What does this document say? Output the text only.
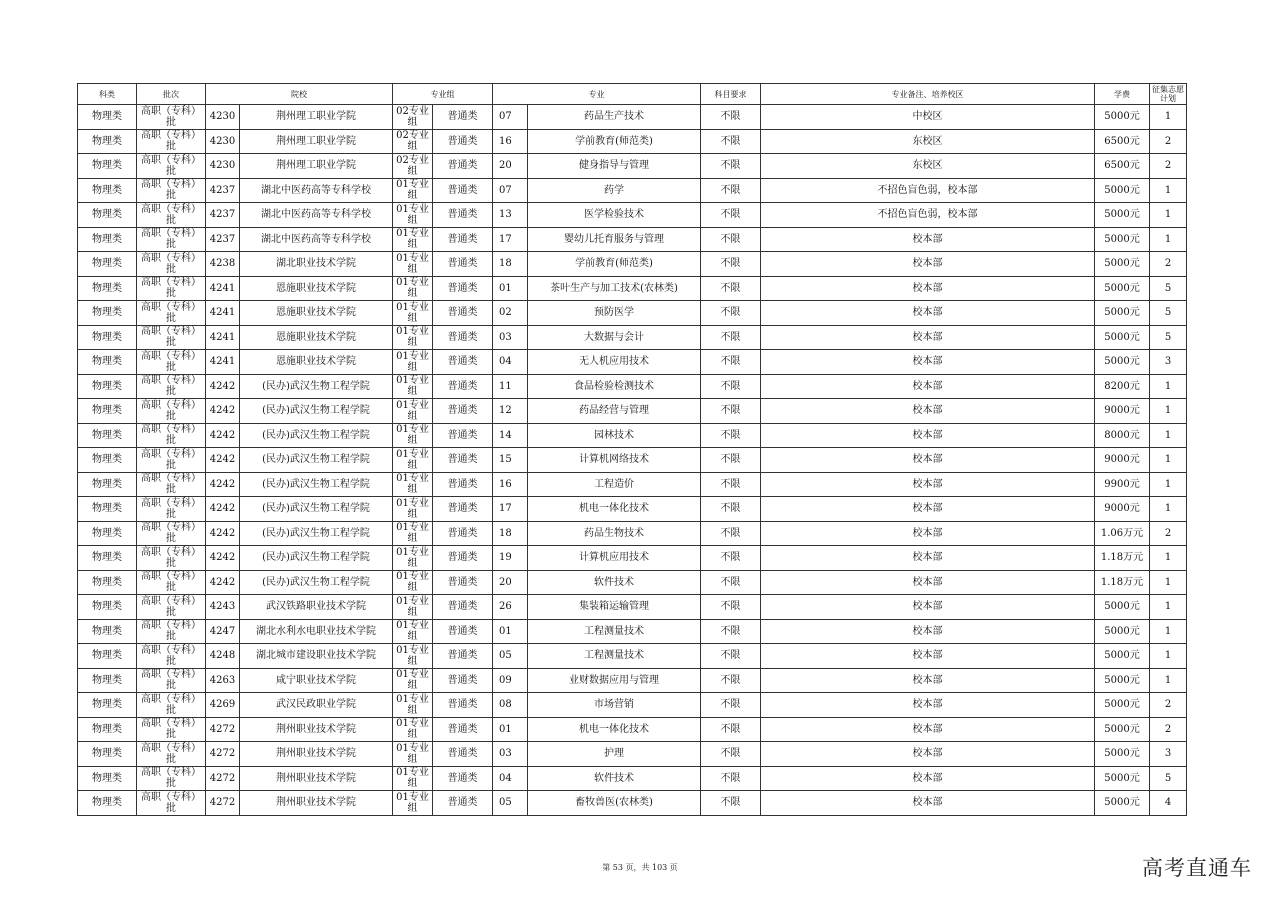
科类	批次	院校		专业组		专业		科目要求	专业备注、培养校区	学费	征集志愿计划
物理类	高职（专科）批	4230	荆州理工职业学院	02专业组	普通类	07	药品生产技术	不限	中校区	5000元	1
物理类	高职（专科）批	4230	荆州理工职业学院	02专业组	普通类	16	学前教育(师范类)	不限	东校区	6500元	2
物理类	高职（专科）批	4230	荆州理工职业学院	02专业组	普通类	20	健身指导与管理	不限	东校区	6500元	2
物理类	高职（专科）批	4237	湖北中医药高等专科学校	01专业组	普通类	07	药学	不限	不招色盲色弱，校本部	5000元	1
物理类	高职（专科）批	4237	湖北中医药高等专科学校	01专业组	普通类	13	医学检验技术	不限	不招色盲色弱，校本部	5000元	1
物理类	高职（专科）批	4237	湖北中医药高等专科学校	01专业组	普通类	17	婴幼儿托育服务与管理	不限	校本部	5000元	1
物理类	高职（专科）批	4238	湖北职业技术学院	01专业组	普通类	18	学前教育(师范类)	不限	校本部	5000元	2
物理类	高职（专科）批	4241	恩施职业技术学院	01专业组	普通类	01	茶叶生产与加工技术(农林类)	不限	校本部	5000元	5
物理类	高职（专科）批	4241	恩施职业技术学院	01专业组	普通类	02	预防医学	不限	校本部	5000元	5
物理类	高职（专科）批	4241	恩施职业技术学院	01专业组	普通类	03	大数据与会计	不限	校本部	5000元	5
物理类	高职（专科）批	4241	恩施职业技术学院	01专业组	普通类	04	无人机应用技术	不限	校本部	5000元	3
物理类	高职（专科）批	4242	(民办)武汉生物工程学院	01专业组	普通类	11	食品检验检测技术	不限	校本部	8200元	1
物理类	高职（专科）批	4242	(民办)武汉生物工程学院	01专业组	普通类	12	药品经营与管理	不限	校本部	9000元	1
物理类	高职（专科）批	4242	(民办)武汉生物工程学院	01专业组	普通类	14	园林技术	不限	校本部	8000元	1
物理类	高职（专科）批	4242	(民办)武汉生物工程学院	01专业组	普通类	15	计算机网络技术	不限	校本部	9000元	1
物理类	高职（专科）批	4242	(民办)武汉生物工程学院	01专业组	普通类	16	工程造价	不限	校本部	9900元	1
物理类	高职（专科）批	4242	(民办)武汉生物工程学院	01专业组	普通类	17	机电一体化技术	不限	校本部	9000元	1
物理类	高职（专科）批	4242	(民办)武汉生物工程学院	01专业组	普通类	18	药品生物技术	不限	校本部	1.06万元	2
物理类	高职（专科）批	4242	(民办)武汉生物工程学院	01专业组	普通类	19	计算机应用技术	不限	校本部	1.18万元	1
物理类	高职（专科）批	4242	(民办)武汉生物工程学院	01专业组	普通类	20	软件技术	不限	校本部	1.18万元	1
物理类	高职（专科）批	4243	武汉铁路职业技术学院	01专业组	普通类	26	集装箱运输管理	不限	校本部	5000元	1
物理类	高职（专科）批	4247	湖北水利水电职业技术学院	01专业组	普通类	01	工程测量技术	不限	校本部	5000元	1
物理类	高职（专科）批	4248	湖北城市建设职业技术学院	01专业组	普通类	05	工程测量技术	不限	校本部	5000元	1
物理类	高职（专科）批	4263	咸宁职业技术学院	01专业组	普通类	09	业财数据应用与管理	不限	校本部	5000元	1
物理类	高职（专科）批	4269	武汉民政职业学院	01专业组	普通类	08	市场营销	不限	校本部	5000元	2
物理类	高职（专科）批	4272	荆州职业技术学院	01专业组	普通类	01	机电一体化技术	不限	校本部	5000元	2
物理类	高职（专科）批	4272	荆州职业技术学院	01专业组	普通类	03	护理	不限	校本部	5000元	3
物理类	高职（专科）批	4272	荆州职业技术学院	01专业组	普通类	04	软件技术	不限	校本部	5000元	5
物理类	高职（专科）批	4272	荆州职业技术学院	01专业组	普通类	05	畜牧兽医(农林类)	不限	校本部	5000元	4
第 53 页，共 103 页	高考直通车
